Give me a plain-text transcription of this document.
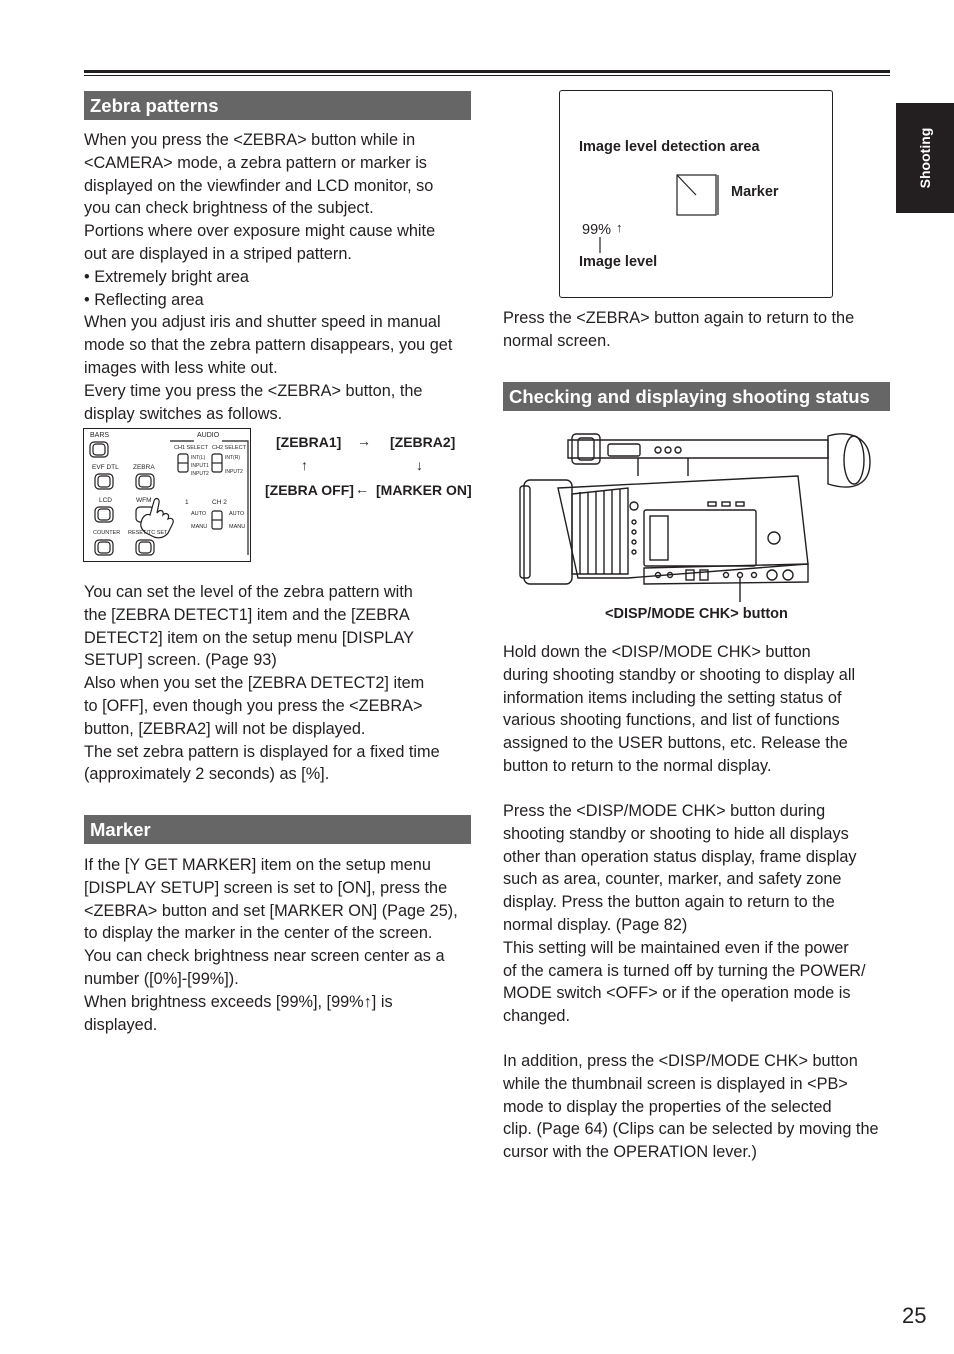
Shooting
Zebra patterns

When you press the <ZEBRA> button while in

<CAMERA> mode, a zebra pattern or marker is

displayed on the viewfinder and LCD monitor, so

you can check brightness of the subject.

Portions where over exposure might cause white

out are displayed in a striped pattern.

• Extremely bright area

• Reflecting area

When you adjust iris and shutter speed in manual

mode so that the zebra pattern disappears, you get

images with less white out.

Every time you press the <ZEBRA> button, the

display switches as follows.

BARS	AUDIO
CH1 SELECT CH2 SELECT
INT(L)	INT(R)
INPUT1
INPUT2	INPUT2
EVF DTL ZEBRA
LCD	WFM	1	CH 2
AUTO
MANU
AUTO
MANU
COUNTER RESET/TC SET
[ZEBRA1] → [ZEBRA2]
↑	↓
[ZEBRA OFF] ← [MARKER ON]

You can set the level of the zebra pattern with

the [ZEBRA DETECT1] item and the [ZEBRA

DETECT2] item on the setup menu [DISPLAY

SETUP] screen. (Page 93)

Also when you set the [ZEBRA DETECT2] item

to [OFF], even though you press the <ZEBRA>

button, [ZEBRA2] will not be displayed.

The set zebra pattern is displayed for a fixed time

(approximately 2 seconds) as [%].

Marker

If the [Y GET MARKER] item on the setup menu

[DISPLAY SETUP] screen is set to [ON], press the

<ZEBRA> button and set [MARKER ON] (Page 25),

to display the marker in the center of the screen.

You can check brightness near screen center as a

number ([0%]-[99%]).

When brightness exceeds [99%], [99%↑] is

displayed.

Image level detection area
Marker
99% ↑
Image level

Press the <ZEBRA> button again to return to the

normal screen.

Checking and displaying shooting status
<DISP/MODE CHK> button

Hold down the <DISP/MODE CHK> button

during shooting standby or shooting to display all

information items including the setting status of

various shooting functions, and list of functions

assigned to the USER buttons, etc. Release the

button to return to the normal display.

Press the <DISP/MODE CHK> button during

shooting standby or shooting to hide all displays

other than operation status display, frame display

such as area, counter, marker, and safety zone

display. Press the button again to return to the

normal display. (Page 82)

This setting will be maintained even if the power

of the camera is turned off by turning the POWER/

MODE switch <OFF> or if the operation mode is

changed.

In addition, press the <DISP/MODE CHK> button

while the thumbnail screen is displayed in <PB>

mode to display the properties of the selected

clip. (Page 64) (Clips can be selected by moving the

cursor with the OPERATION lever.)

25
